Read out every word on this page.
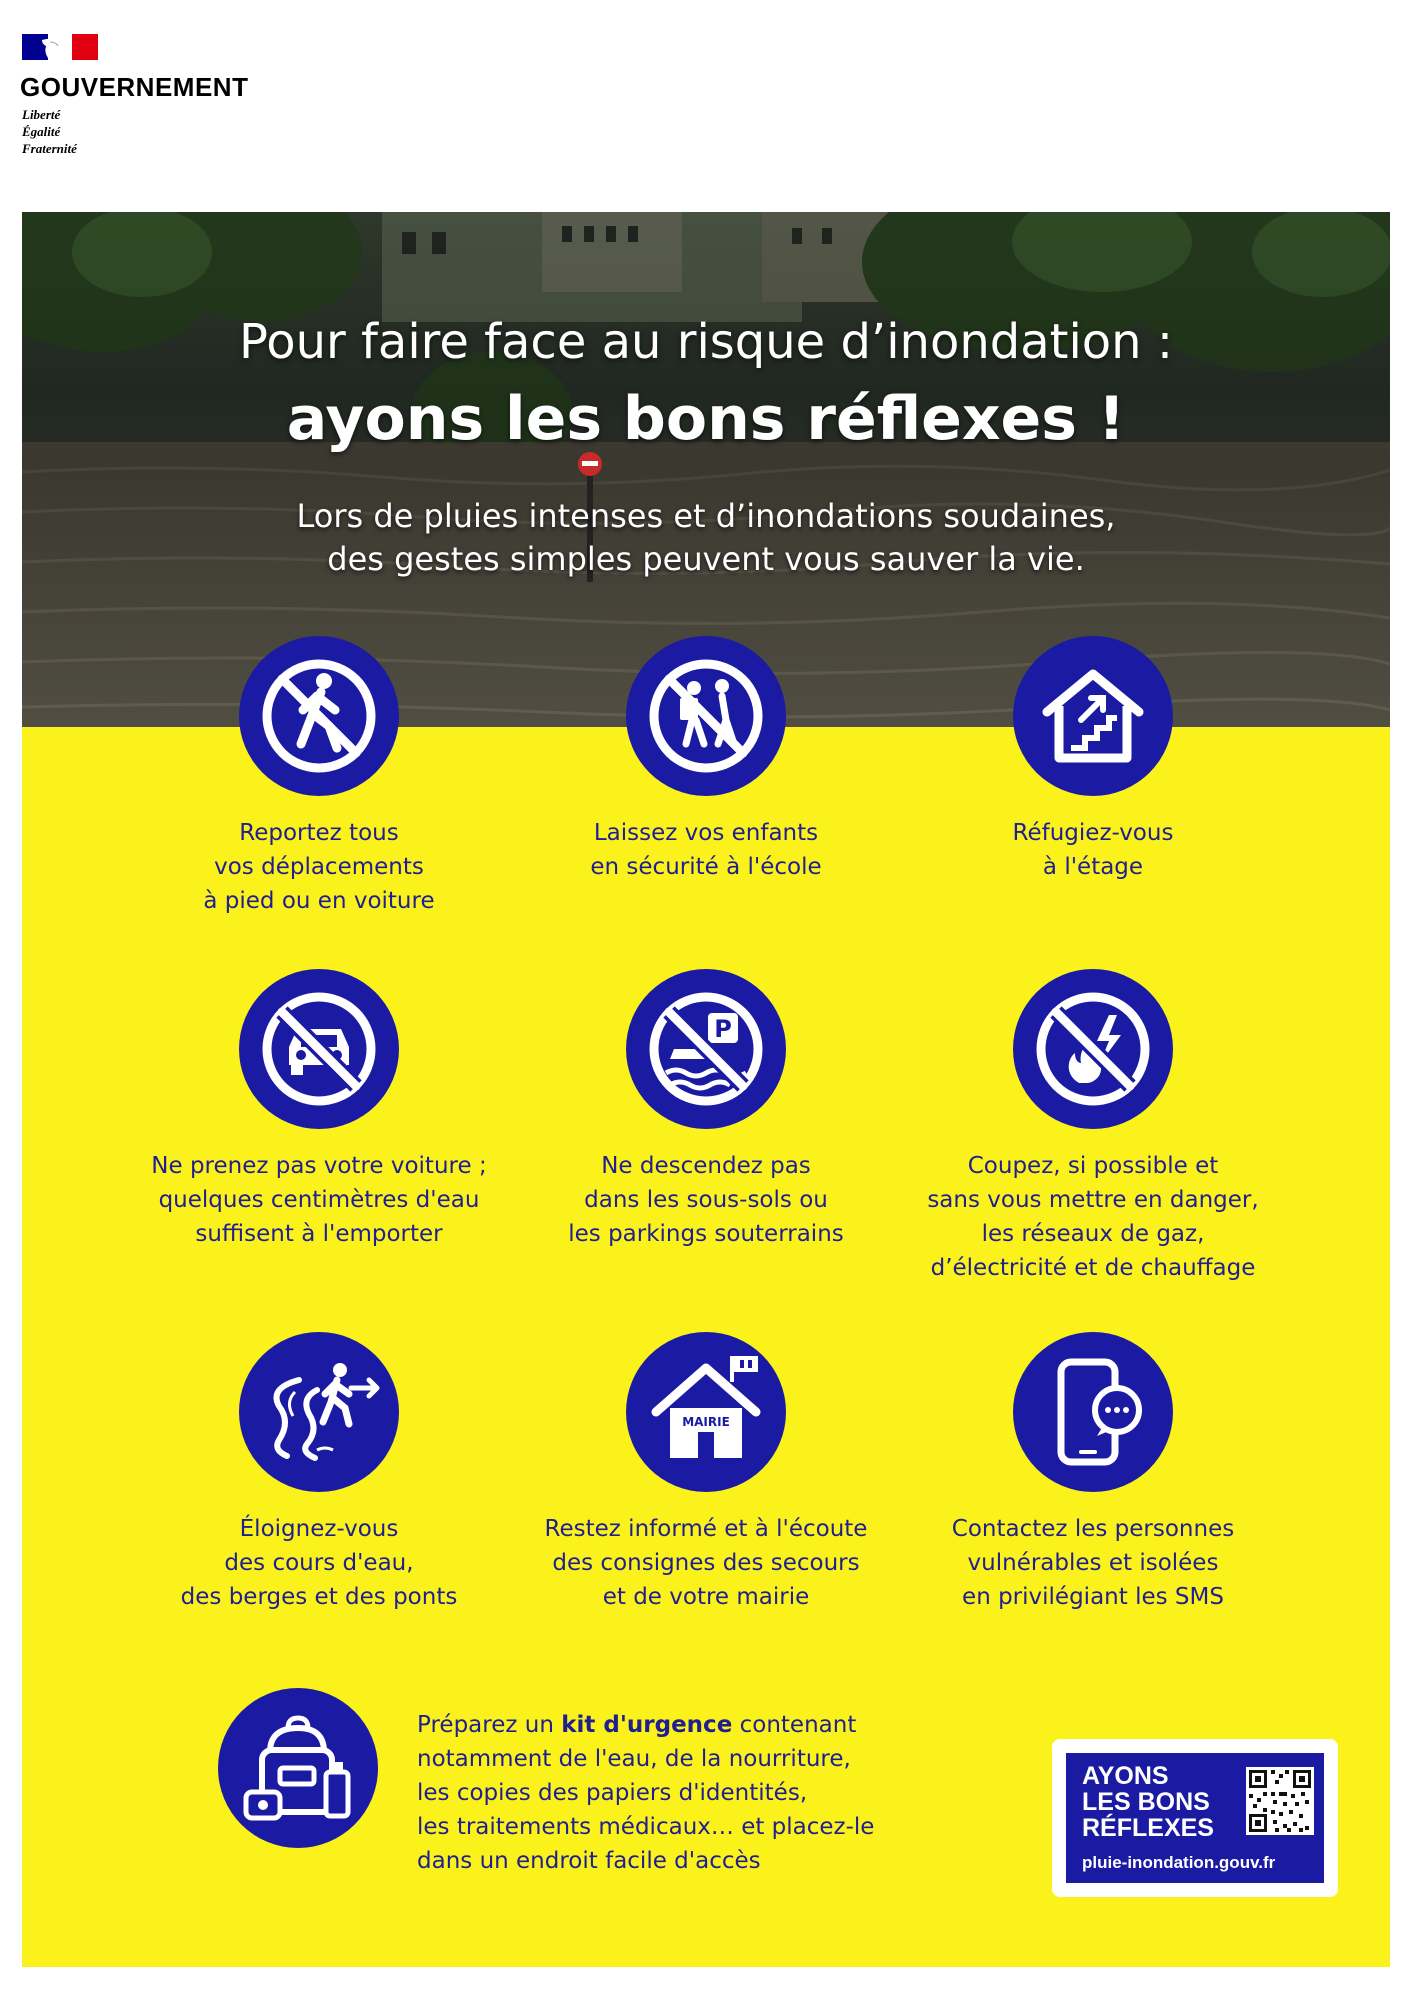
GOUVERNEMENT
Liberté
Égalité
Fraternité
Pour faire face au risque d’inondation :
ayons les bons réflexes !
Lors de pluies intenses et d’inondations soudaines,
des gestes simples peuvent vous sauver la vie.
Reportez tous
vos déplacements
à pied ou en voiture
Laissez vos enfants
en sécurité à l'école
Réfugiez-vous
à l'étage
Ne prenez pas votre voiture ;
quelques centimètres d'eau
suffisent à l'emporter
P
Ne descendez pas
dans les sous-sols ou
les parkings souterrains
Coupez, si possible et
sans vous mettre en danger,
les réseaux de gaz,
d’électricité et de chauffage
Éloignez-vous
des cours d'eau,
des berges et des ponts
MAIRIE
Restez informé et à l'écoute
des consignes des secours
et de votre mairie
Contactez les personnes
vulnérables et isolées
en privilégiant les SMS
Préparez un kit d'urgence contenant
notamment de l'eau, de la nourriture,
les copies des papiers d'identités,
les traitements médicaux… et placez-le
dans un endroit facile d'accès
AYONS
LES BONS
RÉFLEXES
pluie-inondation.gouv.fr
